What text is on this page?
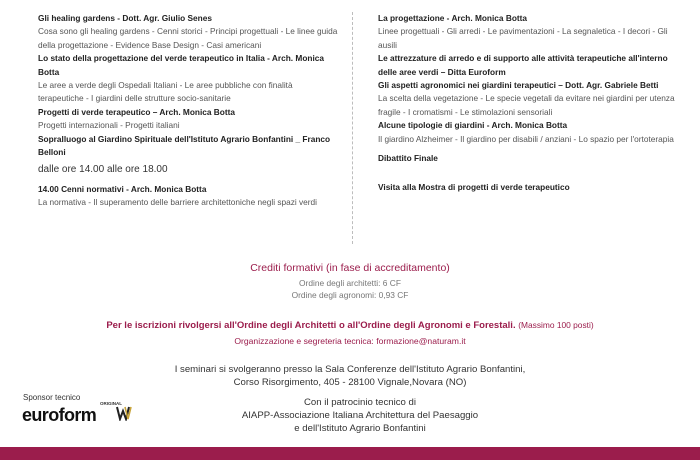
Gli healing gardens - Dott. Agr. Giulio Senes
Cosa sono gli healing gardens - Cenni storici - Principi progettuali - Le linee guida della progettazione - Evidence Base Design - Casi americani
Lo stato della progettazione del verde terapeutico in Italia - Arch. Monica Botta
Le aree a verde degli Ospedali Italiani - Le aree pubbliche con finalità terapeutiche - I giardini delle strutture socio-sanitarie
Progetti di verde terapeutico – Arch. Monica Botta
Progetti internazionali - Progetti italiani
Sopralluogo al Giardino Spirituale dell'Istituto Agrario Bonfantini _ Franco Belloni
dalle ore 14.00 alle ore 18.00
14.00 Cenni normativi - Arch. Monica Botta
La normativa - Il superamento delle barriere architettoniche negli spazi verdi
La progettazione - Arch. Monica Botta
Linee progettuali - Gli arredi - Le pavimentazioni - La segnaletica - I decori - Gli ausili
Le attrezzature di arredo e di supporto alle attività terapeutiche all'interno delle aree verdi – Ditta Euroform
Gli aspetti agronomici nei giardini terapeutici – Dott. Agr. Gabriele Betti
La scelta della vegetazione - Le specie vegetali da evitare nei giardini per utenza fragile - I cromatismi - Le stimolazioni sensoriali
Alcune tipologie di giardini - Arch. Monica Botta
Il giardino Alzheimer - Il giardino per disabili / anziani - Lo spazio per l'ortoterapia
Dibattito Finale
Visita alla Mostra di progetti di verde terapeutico
Crediti formativi (in fase di accreditamento)
Ordine degli architetti: 6 CF
Ordine degli agronomi: 0,93 CF
Per le iscrizioni rivolgersi all'Ordine degli Architetti o all'Ordine degli Agronomi e Forestali. (Massimo 100 posti)
Organizzazione e segreteria tecnica: formazione@naturam.it
I seminari si svolgeranno presso la Sala Conferenze dell'Istituto Agrario Bonfantini,
Corso Risorgimento, 405 - 28100 Vignale,Novara (NO)
Con il patrocinio tecnico di
AIAPP-Associazione Italiana Architettura del Paesaggio
e dell'Istituto Agrario Bonfantini
Sponsor tecnico
euroform
ORIGINAL
